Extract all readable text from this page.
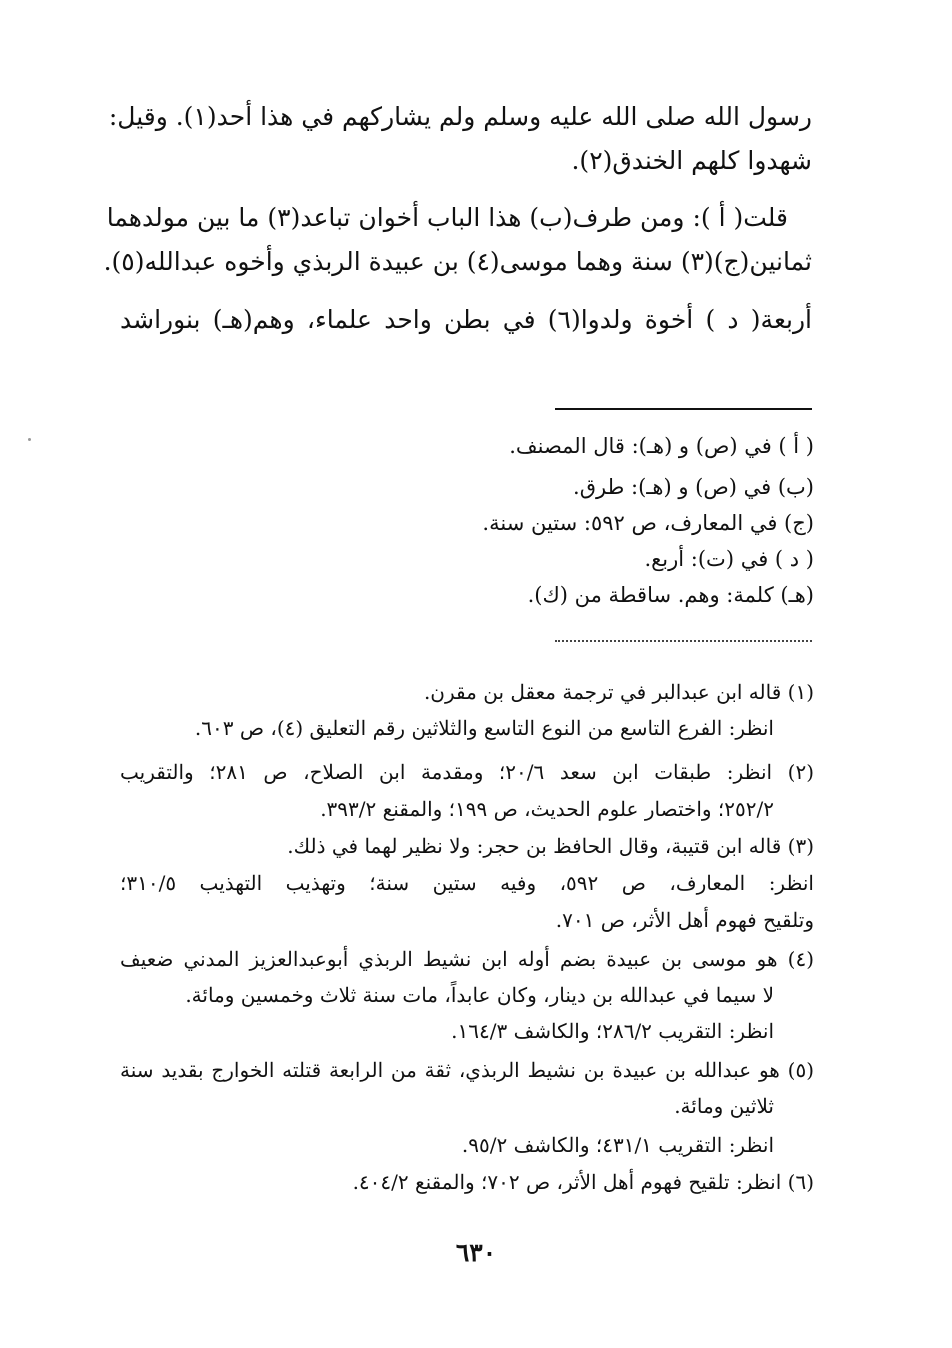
رسول الله صلى الله عليه وسلم ولم يشاركهم في هذا أحد(١). وقيل:
شهدوا كلهم الخندق(٢).
قلت( أ ): ومن طرف(ب) هذا الباب أخوان تباعد(٣) ما بين مولدهما
ثمانين(ج)(٣) سنة وهما موسى(٤) بن عبيدة الربذي وأخوه عبدالله(٥).
أربعة( د ) أخوة ولدوا(٦) في بطن واحد علماء، وهم(هـ) بنوراشد
( أ ) في (ص) و (هـ): قال المصنف.
(ب) في (ص) و (هـ): طرق.
(ج) في المعارف، ص ٥٩٢: ستين سنة.
( د ) في (ت): أربع.
(هـ) كلمة: وهم. ساقطة من (ك).
(١) قاله ابن عبدالبر في ترجمة معقل بن مقرن.
انظر: الفرع التاسع من النوع التاسع والثلاثين رقم التعليق (٤)، ص ٦٠٣.
(٢) انظر: طبقات ابن سعد ٢٠/٦؛ ومقدمة ابن الصلاح، ص ٢٨١؛ والتقريب
٢٥٢/٢؛ واختصار علوم الحديث، ص ١٩٩؛ والمقنع ٣٩٣/٢.
(٣) قاله ابن قتيبة، وقال الحافظ بن حجر: ولا نظير لهما في ذلك.
انظر: المعارف، ص ٥٩٢، وفيه ستين سنة؛ وتهذيب التهذيب ٣١٠/٥؛
وتلقيح فهوم أهل الأثر، ص ٧٠١.
(٤) هو موسى بن عبيدة بضم أوله ابن نشيط الربذي أبوعبدالعزيز المدني ضعيف
لا سيما في عبدالله بن دينار، وكان عابداً، مات سنة ثلاث وخمسين ومائة.
انظر: التقريب ٢٨٦/٢؛ والكاشف ١٦٤/٣.
(٥) هو عبدالله بن عبيدة بن نشيط الربذي، ثقة من الرابعة قتلته الخوارج بقديد سنة
ثلاثين ومائة.
انظر: التقريب ٤٣١/١؛ والكاشف ٩٥/٢.
(٦) انظر: تلقيح فهوم أهل الأثر، ص ٧٠٢؛ والمقنع ٤٠٤/٢.
٦٣٠
